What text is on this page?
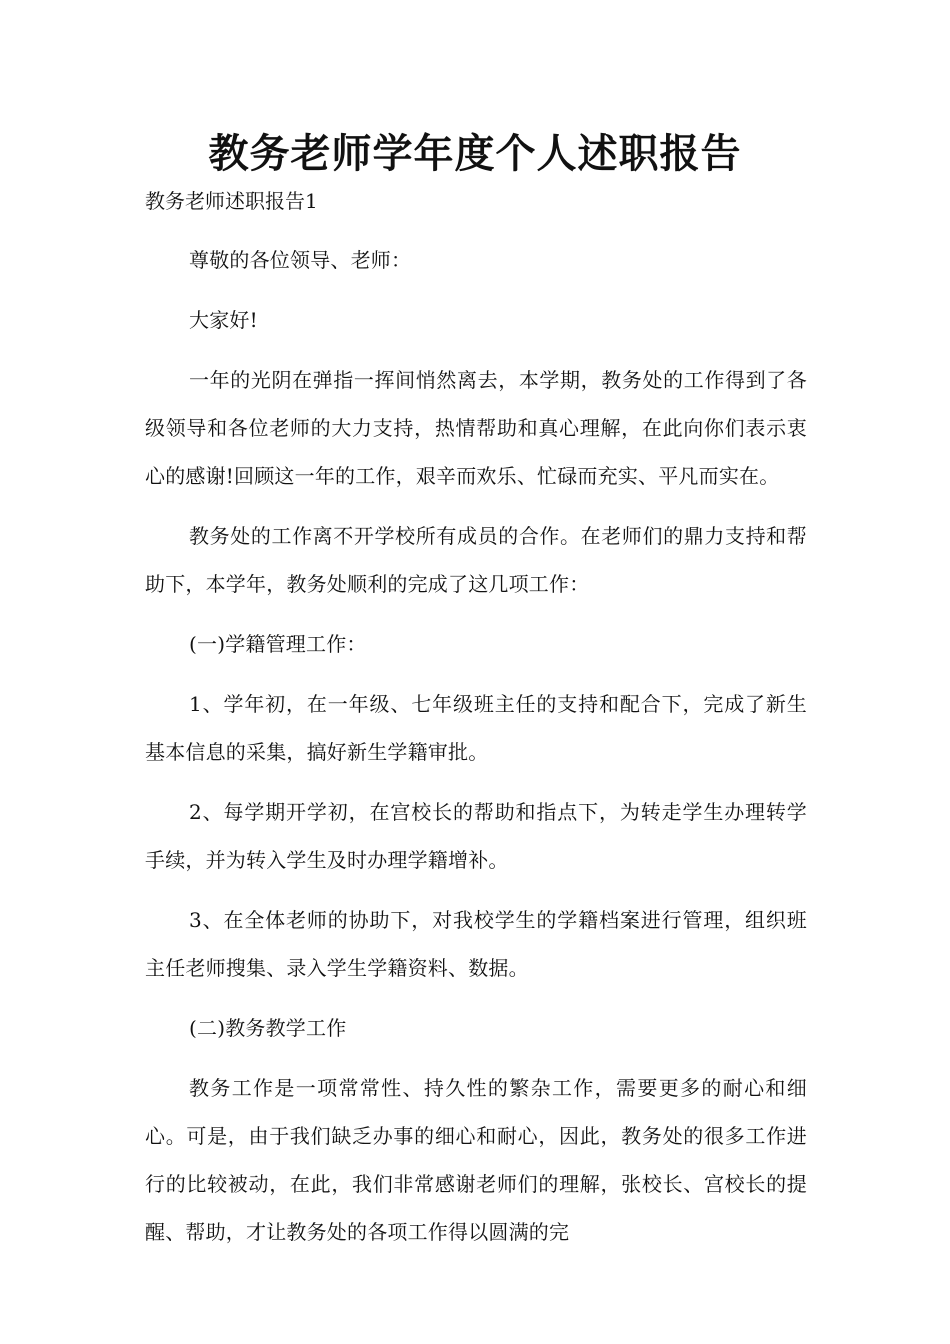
教务老师学年度个人述职报告
教务老师述职报告1

尊敬的各位领导、老师：

大家好!

一年的光阴在弹指一挥间悄然离去，本学期，教务处的工作得到了各级领导和各位老师的大力支持，热情帮助和真心理解，在此向你们表示衷心的感谢!回顾这一年的工作，艰辛而欢乐、忙碌而充实、平凡而实在。

教务处的工作离不开学校所有成员的合作。在老师们的鼎力支持和帮助下，本学年，教务处顺利的完成了这几项工作：

(一)学籍管理工作：

1、学年初，在一年级、七年级班主任的支持和配合下，完成了新生基本信息的采集，搞好新生学籍审批。

2、每学期开学初，在宫校长的帮助和指点下，为转走学生办理转学手续，并为转入学生及时办理学籍增补。

3、在全体老师的协助下，对我校学生的学籍档案进行管理，组织班主任老师搜集、录入学生学籍资料、数据。

(二)教务教学工作

教务工作是一项常常性、持久性的繁杂工作，需要更多的耐心和细心。可是，由于我们缺乏办事的细心和耐心，因此，教务处的很多工作进行的比较被动，在此，我们非常感谢老师们的理解，张校长、宫校长的提醒、帮助，才让教务处的各项工作得以圆满的完
